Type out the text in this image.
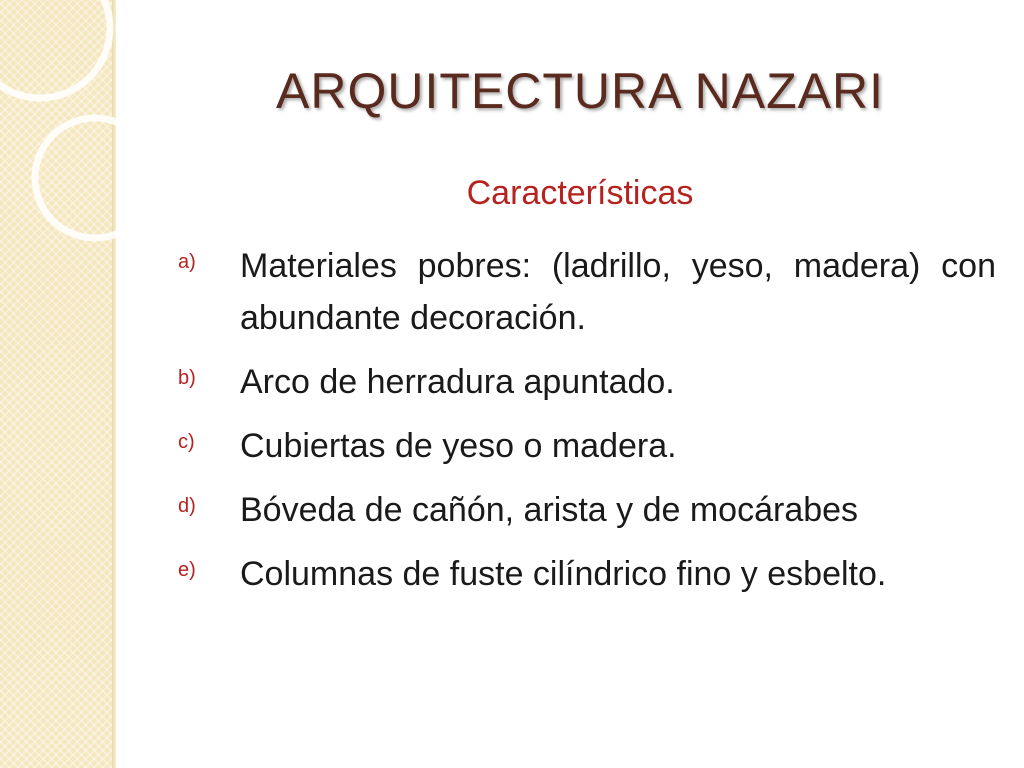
ARQUITECTURA NAZARI
Características
a) Materiales pobres: (ladrillo, yeso, madera) con abundante decoración.
b) Arco de herradura apuntado.
c) Cubiertas de yeso o madera.
d) Bóveda de cañón, arista y de mocárabes
e) Columnas de fuste cilíndrico fino y esbelto.
